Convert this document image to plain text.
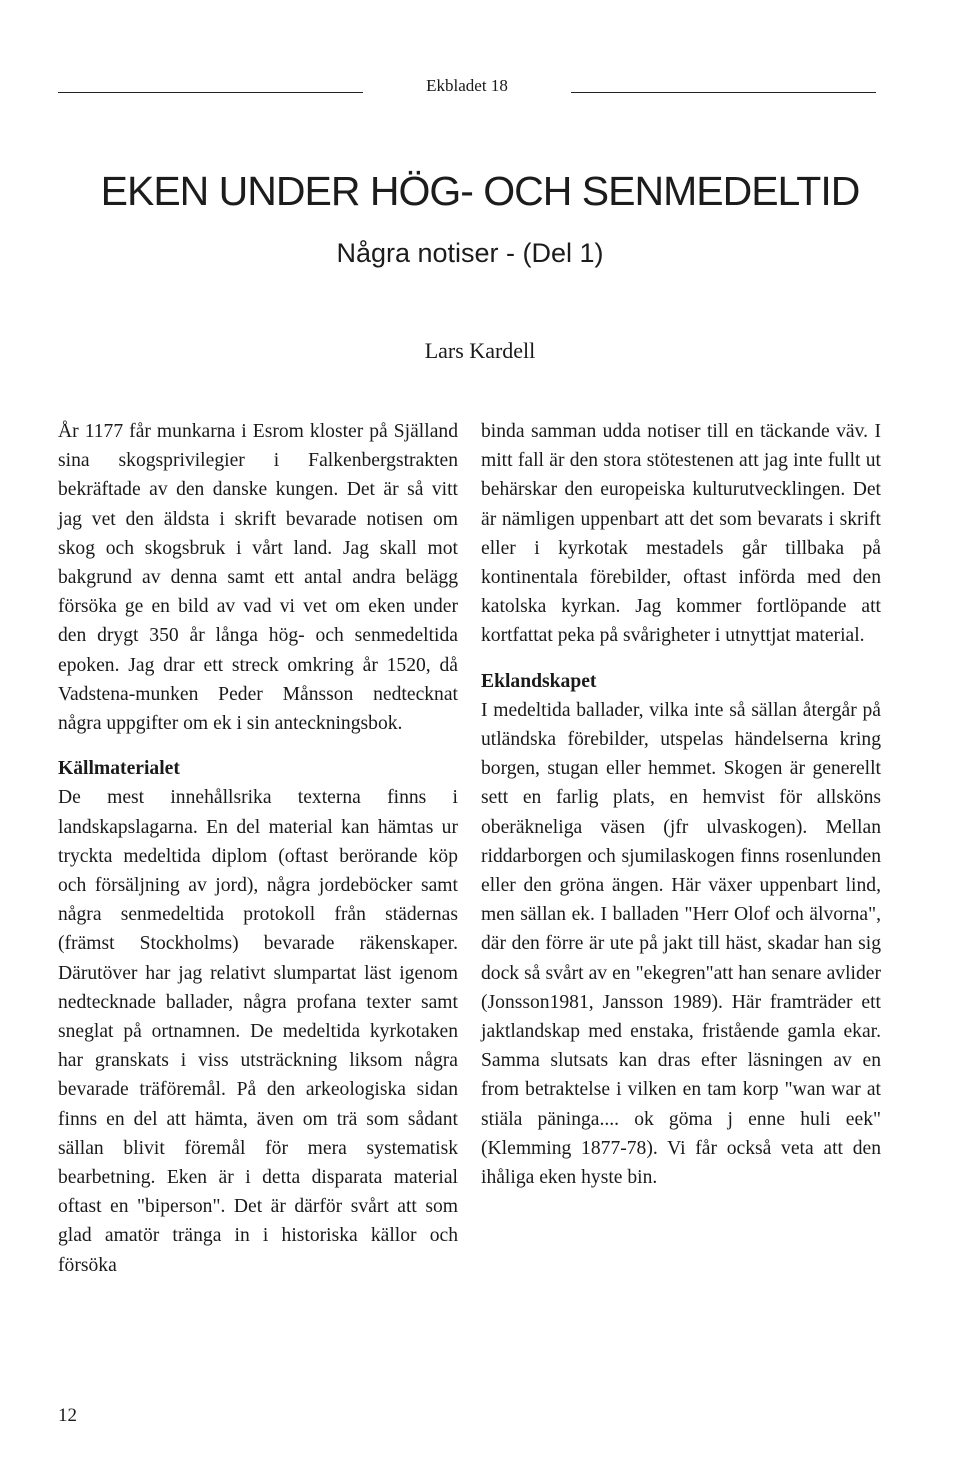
Ekbladet 18
EKEN UNDER HÖG- OCH SENMEDELTID
Några notiser - (Del 1)
Lars Kardell

År 1177 får munkarna i Esrom kloster på Själland sina skogsprivilegier i Falkenbergstrakten bekräftade av den danske kungen. Det är så vitt jag vet den äldsta i skrift bevarade notisen om skog och skogsbruk i vårt land. Jag skall mot bakgrund av denna samt ett antal andra belägg försöka ge en bild av vad vi vet om eken under den drygt 350 år långa hög- och senmedeltida epoken. Jag drar ett streck omkring år 1520, då Vadstena-munken Peder Månsson nedtecknat några uppgifter om ek i sin anteckningsbok.

Källmaterialet

De mest innehållsrika texterna finns i landskapslagarna. En del material kan hämtas ur tryckta medeltida diplom (oftast berörande köp och försäljning av jord), några jordeböcker samt några senmedeltida protokoll från städernas (främst Stockholms) bevarade räkenskaper. Därutöver har jag relativt slumpartat läst igenom nedtecknade ballader, några profana texter samt sneglat på ortnamnen. De medeltida kyrkotaken har granskats i viss utsträckning liksom några bevarade träföremål. På den arkeologiska sidan finns en del att hämta, även om trä som sådant sällan blivit föremål för mera systematisk bearbetning. Eken är i detta disparata material oftast en "biperson". Det är därför svårt att som glad amatör tränga in i historiska källor och försöka

binda samman udda notiser till en täckande väv. I mitt fall är den stora stötestenen att jag inte fullt ut behärskar den europeiska kulturutvecklingen. Det är nämligen uppenbart att det som bevarats i skrift eller i kyrkotak mestadels går tillbaka på kontinentala förebilder, oftast införda med den katolska kyrkan. Jag kommer fortlöpande att kortfattat peka på svårigheter i utnyttjat material.

Eklandskapet

I medeltida ballader, vilka inte så sällan återgår på utländska förebilder, utspelas händelserna kring borgen, stugan eller hemmet. Skogen är generellt sett en farlig plats, en hemvist för allsköns oberäkneliga väsen (jfr ulvaskogen). Mellan riddarborgen och sjumilaskogen finns rosenlunden eller den gröna ängen. Här växer uppenbart lind, men sällan ek. I balladen "Herr Olof och älvorna", där den förre är ute på jakt till häst, skadar han sig dock så svårt av en "ekegren"att han senare avlider (Jonsson1981, Jansson 1989). Här framträder ett jaktlandskap med enstaka, fristående gamla ekar. Samma slutsats kan dras efter läsningen av en from betraktelse i vilken en tam korp "wan war at stiäla päninga.... ok göma j enne huli eek" (Klemming 1877-78). Vi får också veta att den ihåliga eken hyste bin.

12
